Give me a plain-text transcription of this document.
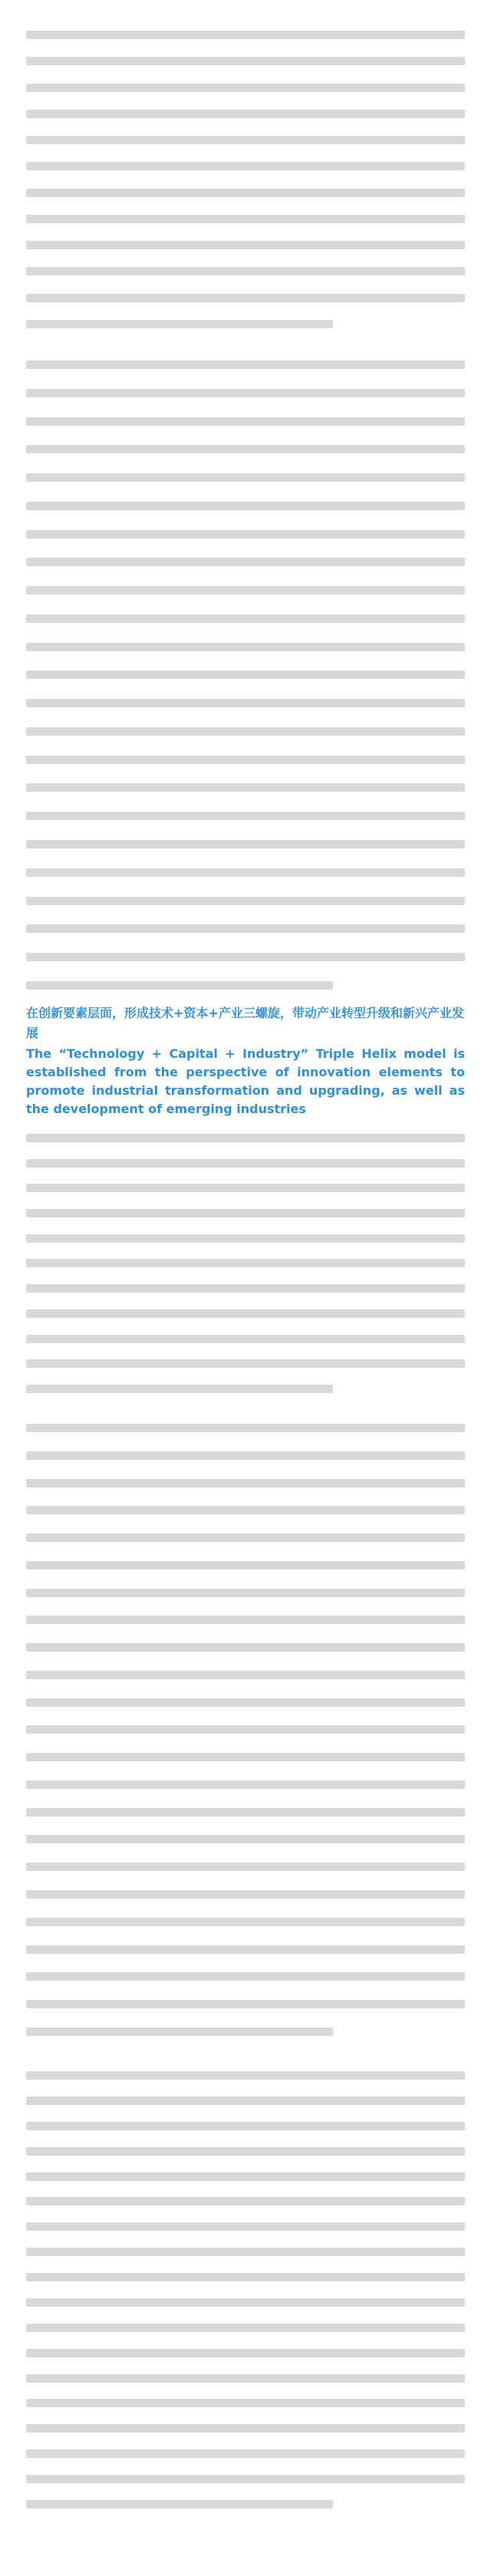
在创新要素层面，形成技术+资本+产业三螺旋，带动产业转型升级和新兴产业发展
The “Technology + Capital + Industry” Triple Helix model is established from the perspective of innovation elements to promote industrial transformation and upgrading, as well as the development of emerging industries
